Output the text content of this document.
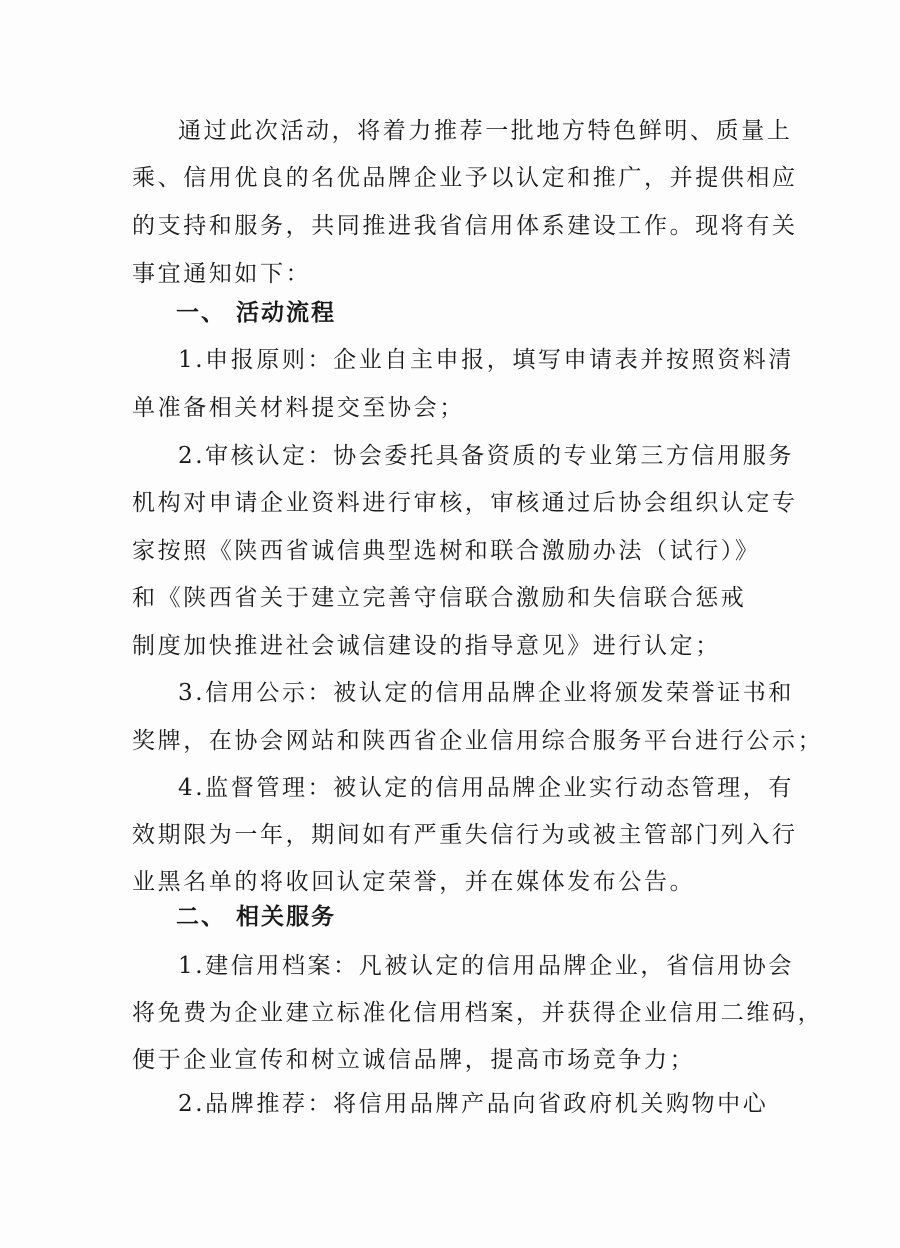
通过此次活动，将着力推荐一批地方特色鲜明、质量上
乘、信用优良的名优品牌企业予以认定和推广，并提供相应
的支持和服务，共同推进我省信用体系建设工作。现将有关
事宜通知如下：
一、 活动流程
1.申报原则：企业自主申报，填写申请表并按照资料清
单准备相关材料提交至协会；
2.审核认定：协会委托具备资质的专业第三方信用服务
机构对申请企业资料进行审核，审核通过后协会组织认定专
家按照《陕西省诚信典型选树和联合激励办法（试行）》
和《陕西省关于建立完善守信联合激励和失信联合惩戒
制度加快推进社会诚信建设的指导意见》进行认定；
3.信用公示：被认定的信用品牌企业将颁发荣誉证书和
奖牌，在协会网站和陕西省企业信用综合服务平台进行公示；
4.监督管理：被认定的信用品牌企业实行动态管理，有
效期限为一年，期间如有严重失信行为或被主管部门列入行
业黑名单的将收回认定荣誉，并在媒体发布公告。
二、 相关服务
1.建信用档案：凡被认定的信用品牌企业，省信用协会
将免费为企业建立标准化信用档案，并获得企业信用二维码，
便于企业宣传和树立诚信品牌，提高市场竞争力；
2.品牌推荐：将信用品牌产品向省政府机关购物中心
